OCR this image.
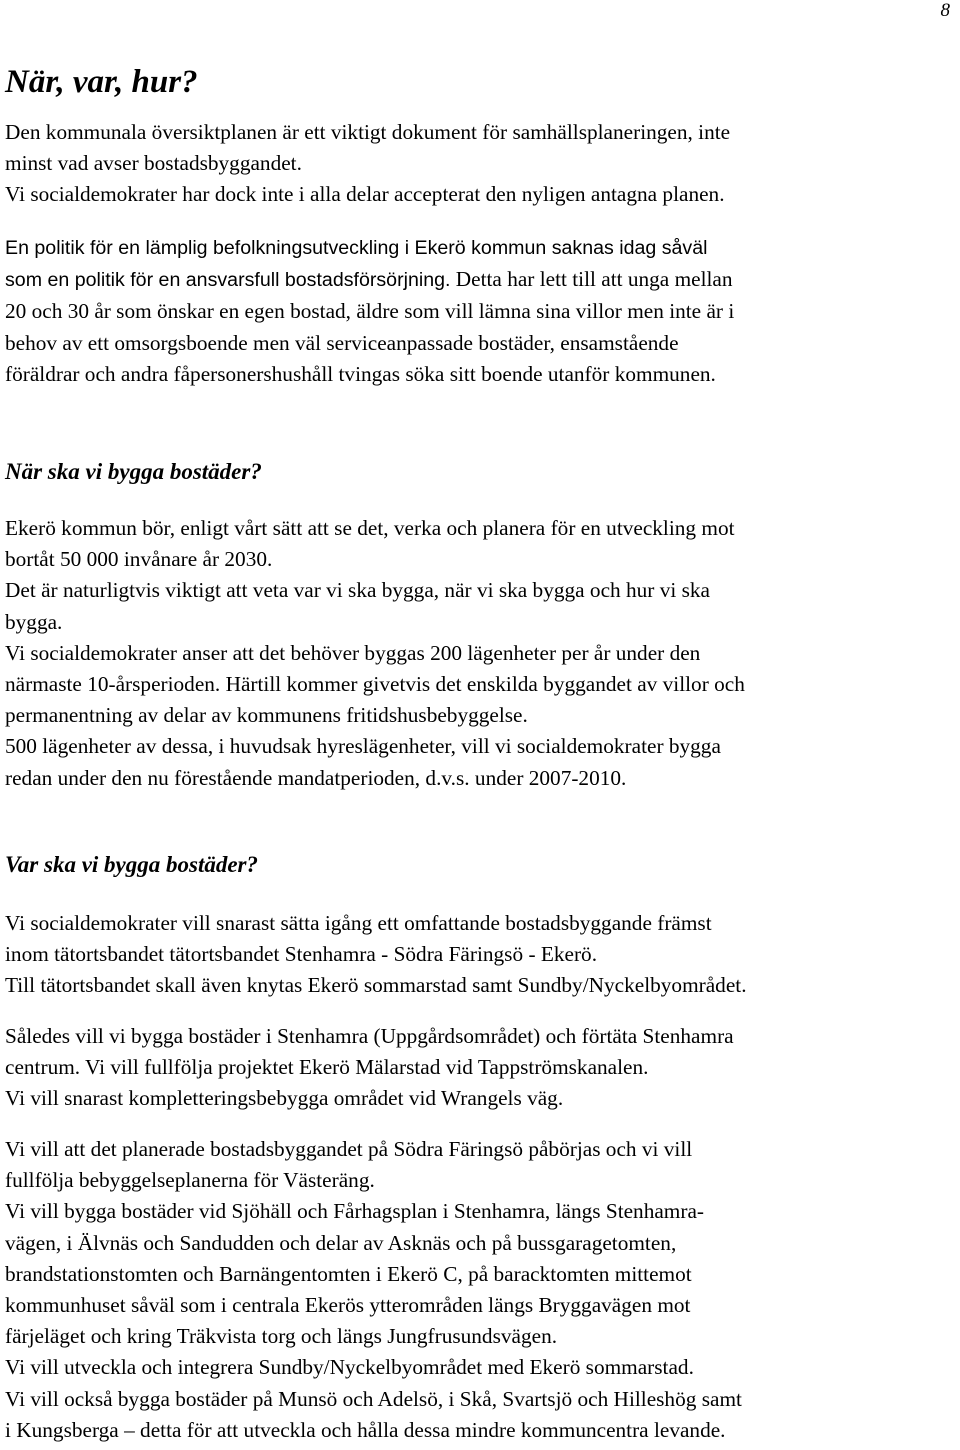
8
När, var, hur?
Den kommunala översiktplanen är ett viktigt dokument för samhällsplaneringen, inte
minst vad avser bostadsbyggandet.
Vi socialdemokrater har dock inte i alla delar accepterat den nyligen antagna planen.
En politik för en lämplig befolkningsutveckling i Ekerö kommun saknas idag såväl
som en politik för en ansvarsfull bostadsförsörjning. Detta har lett till att unga mellan
20 och 30 år som önskar en egen bostad, äldre som vill lämna sina villor men inte är i
behov av ett omsorgsboende men väl serviceanpassade bostäder, ensamstående
föräldrar och andra fåpersonershushåll tvingas söka sitt boende utanför kommunen.
När ska vi bygga bostäder?
Ekerö kommun bör, enligt vårt sätt att se det, verka och planera för en utveckling mot
bortåt 50 000 invånare år 2030.
Det är naturligtvis viktigt att veta var vi ska bygga, när vi ska bygga och hur vi ska
bygga.
Vi socialdemokrater anser att det behöver byggas 200 lägenheter per år under den
närmaste 10-årsperioden. Härtill kommer givetvis det enskilda byggandet av villor och
permanentning av delar av kommunens fritidshusbebyggelse.
500 lägenheter av dessa, i huvudsak hyreslägenheter, vill vi socialdemokrater bygga
redan under den nu förestående mandatperioden, d.v.s. under 2007-2010.
Var ska vi bygga bostäder?
Vi socialdemokrater vill snarast sätta igång ett omfattande bostadsbyggande främst
inom tätortsbandet tätortsbandet Stenhamra - Södra Färingsö - Ekerö.
Till tätortsbandet skall även knytas Ekerö sommarstad samt Sundby/Nyckelbyområdet.
Således vill vi bygga bostäder i Stenhamra (Uppgårdsområdet) och förtäta Stenhamra
centrum. Vi vill fullfölja projektet Ekerö Mälarstad vid Tappströmskanalen.
Vi vill snarast kompletteringsbebygga området vid Wrangels väg.
Vi vill att det planerade bostadsbyggandet på Södra Färingsö påbörjas och vi vill
fullfölja bebyggelseplanerna för Västeräng.
Vi vill bygga bostäder vid Sjöhäll och Fårhagsplan i Stenhamra, längs Stenhamra-
vägen, i Älvnäs och Sandudden och delar av Asknäs och på bussgaragetomten,
brandstationstomten och Barnängentomten i Ekerö C, på baracktomten mittemot
kommunhuset såväl som i centrala Ekerös ytterområden längs Bryggavägen mot
färjeläget och kring Träkvista torg och längs Jungfrusundsvägen.
Vi vill utveckla och integrera Sundby/Nyckelbyområdet med Ekerö sommarstad.
Vi vill också bygga bostäder på Munsö och Adelsö, i Skå, Svartsjö och Hilleshög samt
i Kungsberga – detta för att utveckla och hålla dessa mindre kommuncentra levande.
